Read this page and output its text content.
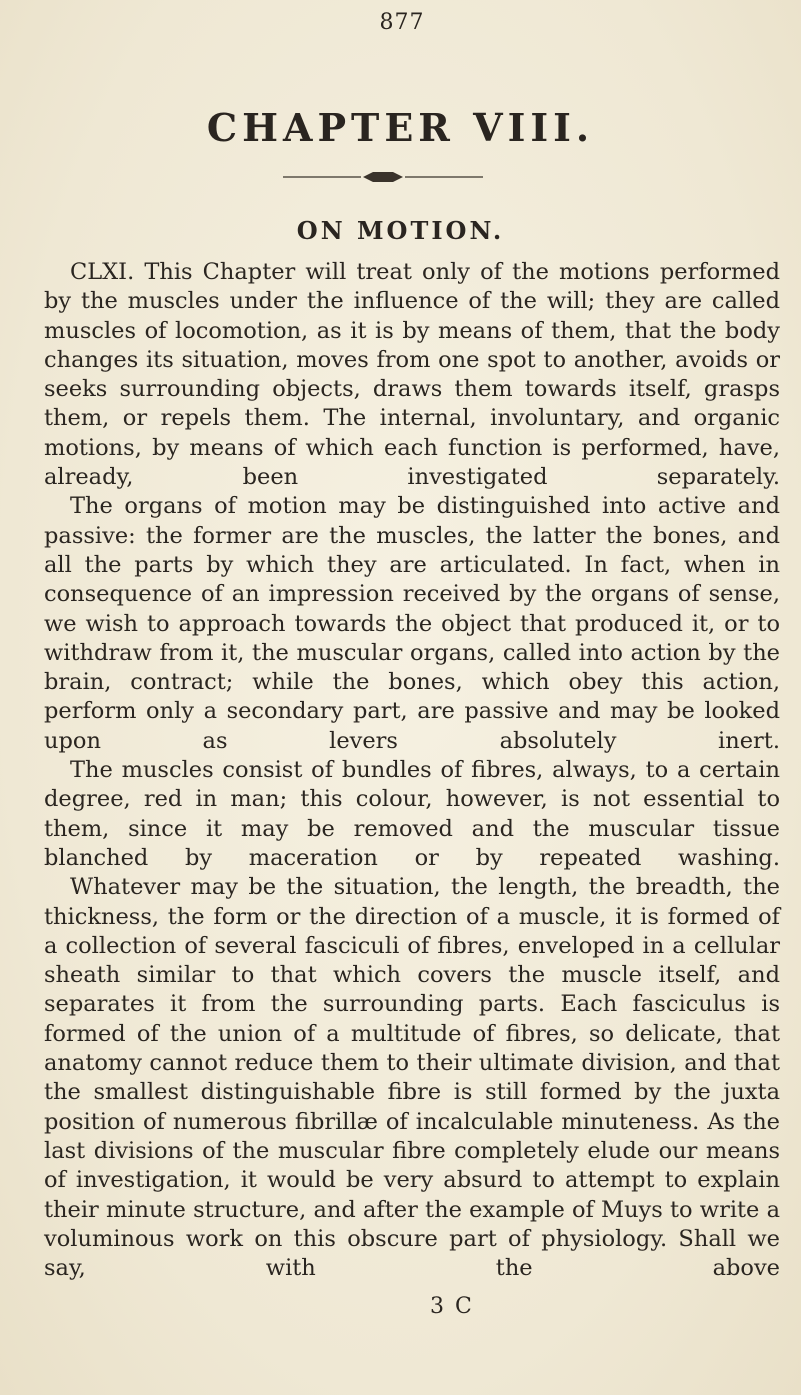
877
CHAPTER VIII.
ON MOTION.

CLXI. This Chapter will treat only of the motions performed by the muscles under the influence of the will; they are called muscles of locomotion, as it is by means of them, that the body changes its situation, moves from one spot to another, avoids or seeks surrounding objects, draws them towards itself, grasps them, or repels them. The internal, involuntary, and organic motions, by means of which each function is performed, have, already, been investigated separately.

The organs of motion may be distinguished into active and passive: the former are the muscles, the latter the bones, and all the parts by which they are articulated. In fact, when in consequence of an impression received by the organs of sense, we wish to approach towards the object that produced it, or to withdraw from it, the muscular organs, called into action by the brain, contract; while the bones, which obey this action, perform only a secondary part, are passive and may be looked upon as levers absolutely inert.

The muscles consist of bundles of fibres, always, to a certain degree, red in man; this colour, however, is not essential to them, since it may be removed and the muscular tissue blanched by maceration or by repeated washing.

Whatever may be the situation, the length, the breadth, the thickness, the form or the direction of a muscle, it is formed of a collection of several fasciculi of fibres, enveloped in a cellular sheath similar to that which covers the muscle itself, and separates it from the surrounding parts. Each fasciculus is formed of the union of a multitude of fibres, so delicate, that anatomy cannot reduce them to their ultimate division, and that the smallest distinguishable fibre is still formed by the juxta position of numerous fibrillæ of incalculable minuteness. As the last divisions of the muscular fibre completely elude our means of investigation, it would be very absurd to attempt to explain their minute structure, and after the example of Muys to write a voluminous work on this obscure part of physiology. Shall we say, with the above

3 C
